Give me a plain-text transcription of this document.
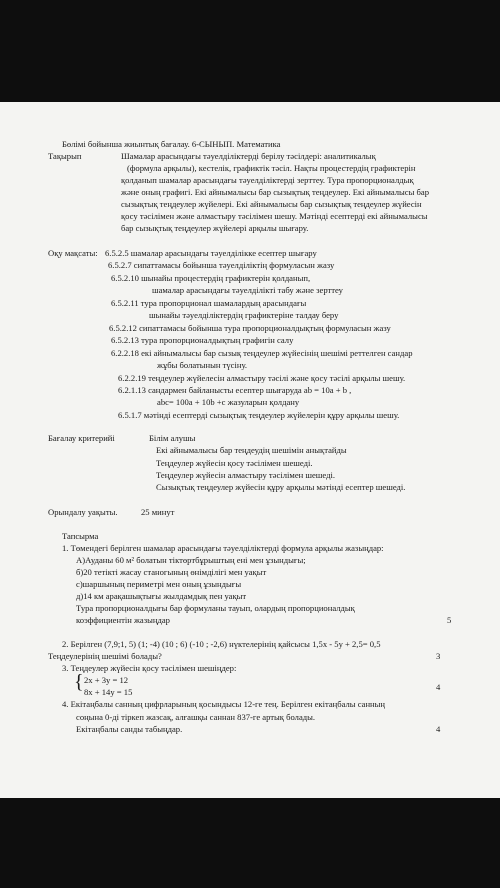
Бөлімі бойынша жиынтық бағалау. 6-СЫНЫП. Математика
Тақырып	Шамалар арасындағы тәуелділіктерді берілу тәсілдері: аналитикалық
(формула арқылы), кестелік, графиктік тәсіл. Нақты процестердің графиктерін
қолданып шамалар арасындағы тәуелділіктерді зерттеу. Тура пропорционалдық
және оның графигі. Екі айнымалысы бар сызықтық теңдеулер. Екі айнымалысы бар
сызықтық теңдеулер жүйелері. Екі айнымалысы бар сызықтық теңдеулер жүйесін
қосу тәсілімен және алмастыру тәсілімен шешу. Мәтінді есептерді екі айнымалысы
бар сызықтық теңдеулер жүйелері арқылы шығару.
Оқу мақсаты: 6.5.2.5 шамалар арасындағы тәуелділікке есептер шығару
6.5.2.7 сипаттамасы бойынша тәуелділіктің формуласын жазу
6.5.2.10 шынайы процестердің графиктерін қолданып,
шамалар арасындағы тәуелділікті табу және зерттеу
6.5.2.11 тура пропорционал шамалардың арасындағы
шынайы тәуелділіктердің графиктеріне талдау беру
6.5.2.12 сипаттамасы бойынша тура пропорционалдықтың формуласын жазу
6.5.2.13 тура пропорционалдықтың графигін салу
6.2.2.18 екі айнымалысы бар сызық теңдеулер жүйесінің шешімі реттелген сандар
жұбы болатынын түсіну.
6.2.2.19 теңдеулер жүйелесін алмастыру тәсілі және қосу тәсілі арқылы шешу.
6.2.1.13 сандармен байланысты есептер шығаруда ab = 10a + b ,
abc= 100a + 10b +c жазуларын қолдану
6.5.1.7 мәтінді есептерді сызықтық теңдеулер жүйелерін құру арқылы шешу.
Бағалау критерийі	Білім алушы
Екі айнымалысы бар теңдеудің шешімін анықтайды
Теңдеулер жүйесін қосу тәсілімен шешеді.
Теңдеулер жүйесін алмастыру тәсілімен шешеді.
Сызықтық теңдеулер жүйесін құру арқылы мәтінді есептер шешеді.
Орындалу уақыты.	25 минут
Тапсырма
1. Төмендегі берілген шамалар арасындағы тәуелділіктерді формула арқылы жазыңдар:
А)Ауданы 60 м² болатын тіктөртбұрыштың ені мен ұзындығы;
б)20 тетікті жасау станогының өнімділігі мен уақыт
с)шаршының периметрі мен оның ұзындығы
д)14 км арақашықтығы жылдамдық пен уақыт
Тура пропорционалдығы бар формуланы тауып, олардың пропорционалдық
коэффициентін жазыңдар	5
2. Берілген (7,9;1, 5) (1; -4) (10 ; 6) (-10 ; -2,6) нүктелерінің қайсысы 1,5х - 5у + 2,5= 0,5
Теңдеулерінің шешімі болады?	3
3. Теңдеулер жүйесін қосу тәсілімен шешіңдер:
{ 2x + 3y = 12
8x + 14y = 15	4
4. Екітаңбалы санның цифрларының қосындысы 12-ге тең. Берілген екітаңбалы санның
соңына 0-ді тіркеп жазсақ, алғашқы саннан 837-ге артық болады.
Екітаңбалы санды табыңдар.	4
